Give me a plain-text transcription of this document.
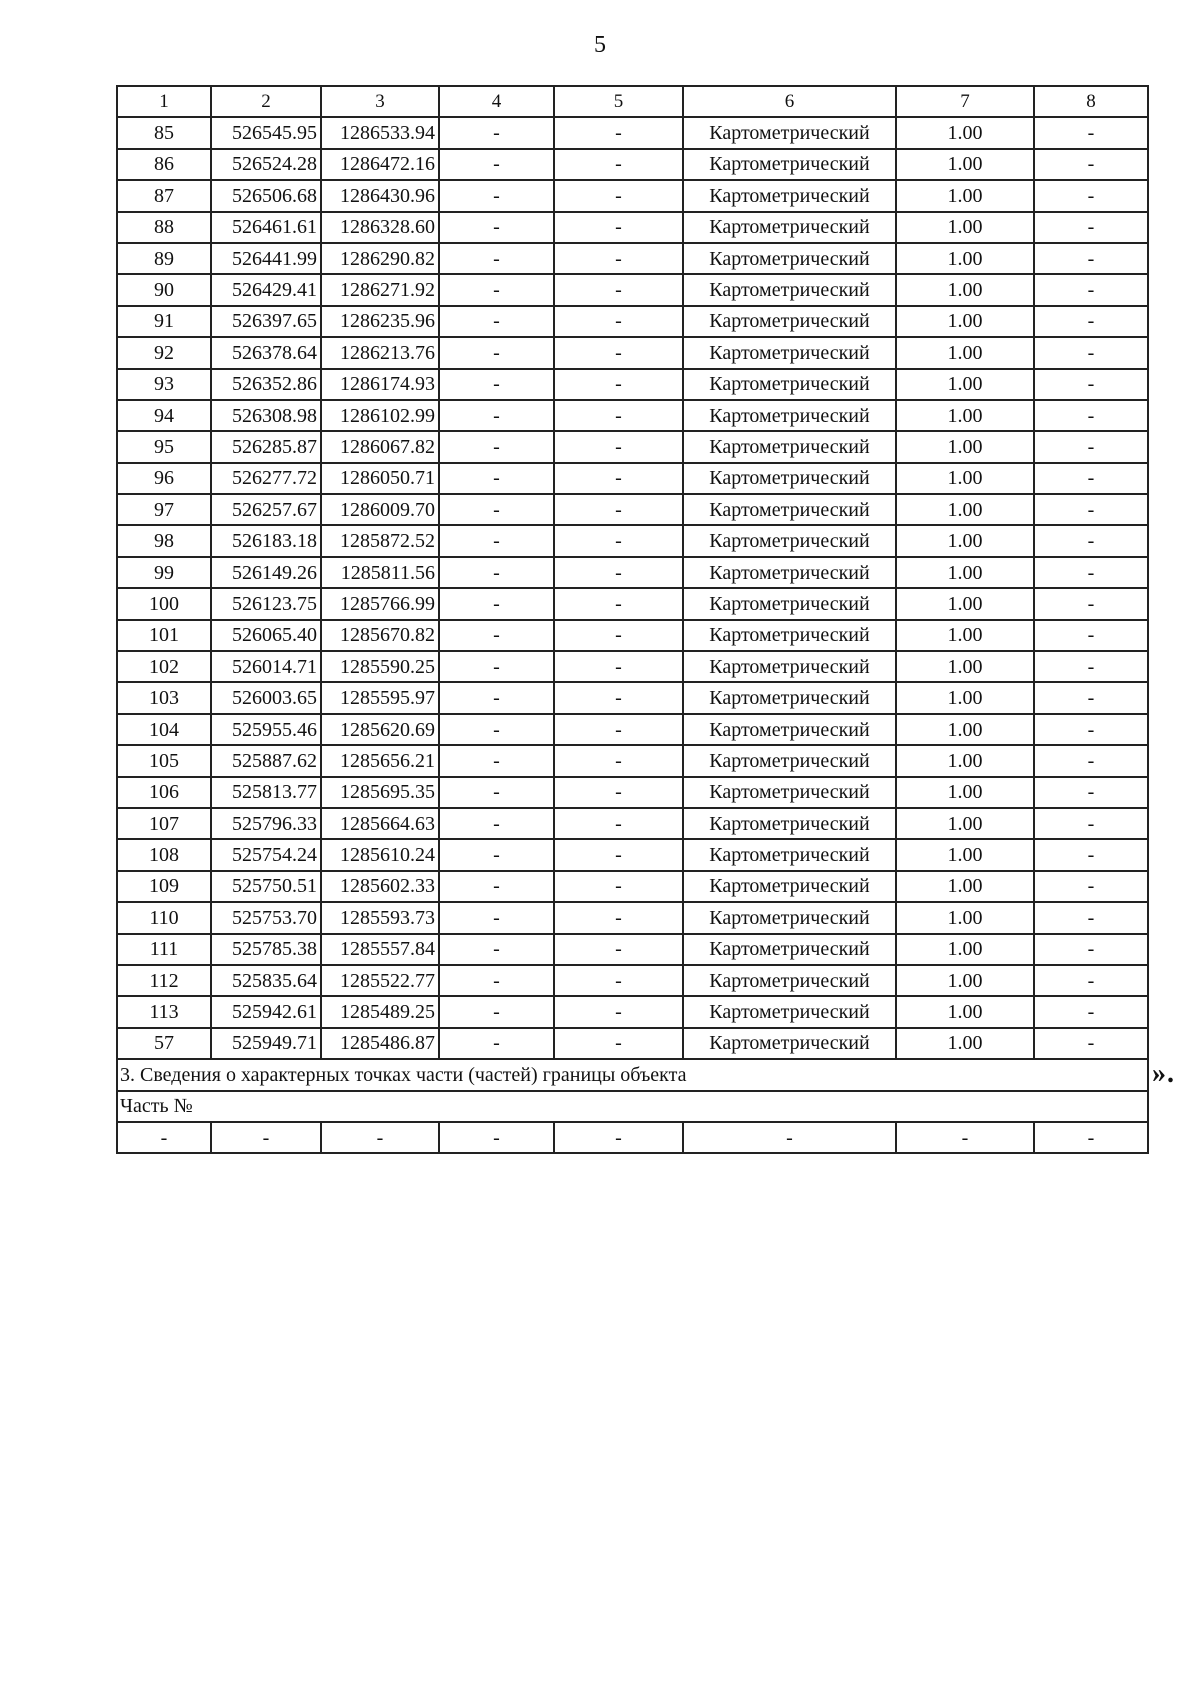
5
1	2	3	4	5	6	7	8
85	526545.95	1286533.94	-	-	Картометрический	1.00	-
86	526524.28	1286472.16	-	-	Картометрический	1.00	-
87	526506.68	1286430.96	-	-	Картометрический	1.00	-
88	526461.61	1286328.60	-	-	Картометрический	1.00	-
89	526441.99	1286290.82	-	-	Картометрический	1.00	-
90	526429.41	1286271.92	-	-	Картометрический	1.00	-
91	526397.65	1286235.96	-	-	Картометрический	1.00	-
92	526378.64	1286213.76	-	-	Картометрический	1.00	-
93	526352.86	1286174.93	-	-	Картометрический	1.00	-
94	526308.98	1286102.99	-	-	Картометрический	1.00	-
95	526285.87	1286067.82	-	-	Картометрический	1.00	-
96	526277.72	1286050.71	-	-	Картометрический	1.00	-
97	526257.67	1286009.70	-	-	Картометрический	1.00	-
98	526183.18	1285872.52	-	-	Картометрический	1.00	-
99	526149.26	1285811.56	-	-	Картометрический	1.00	-
100	526123.75	1285766.99	-	-	Картометрический	1.00	-
101	526065.40	1285670.82	-	-	Картометрический	1.00	-
102	526014.71	1285590.25	-	-	Картометрический	1.00	-
103	526003.65	1285595.97	-	-	Картометрический	1.00	-
104	525955.46	1285620.69	-	-	Картометрический	1.00	-
105	525887.62	1285656.21	-	-	Картометрический	1.00	-
106	525813.77	1285695.35	-	-	Картометрический	1.00	-
107	525796.33	1285664.63	-	-	Картометрический	1.00	-
108	525754.24	1285610.24	-	-	Картометрический	1.00	-
109	525750.51	1285602.33	-	-	Картометрический	1.00	-
110	525753.70	1285593.73	-	-	Картометрический	1.00	-
111	525785.38	1285557.84	-	-	Картометрический	1.00	-
112	525835.64	1285522.77	-	-	Картометрический	1.00	-
113	525942.61	1285489.25	-	-	Картометрический	1.00	-
57	525949.71	1285486.87	-	-	Картометрический	1.00	-
3. Сведения о характерных точках части (частей) границы объекта							
Часть №							
-	-	-	-	-	-	-	-
».
